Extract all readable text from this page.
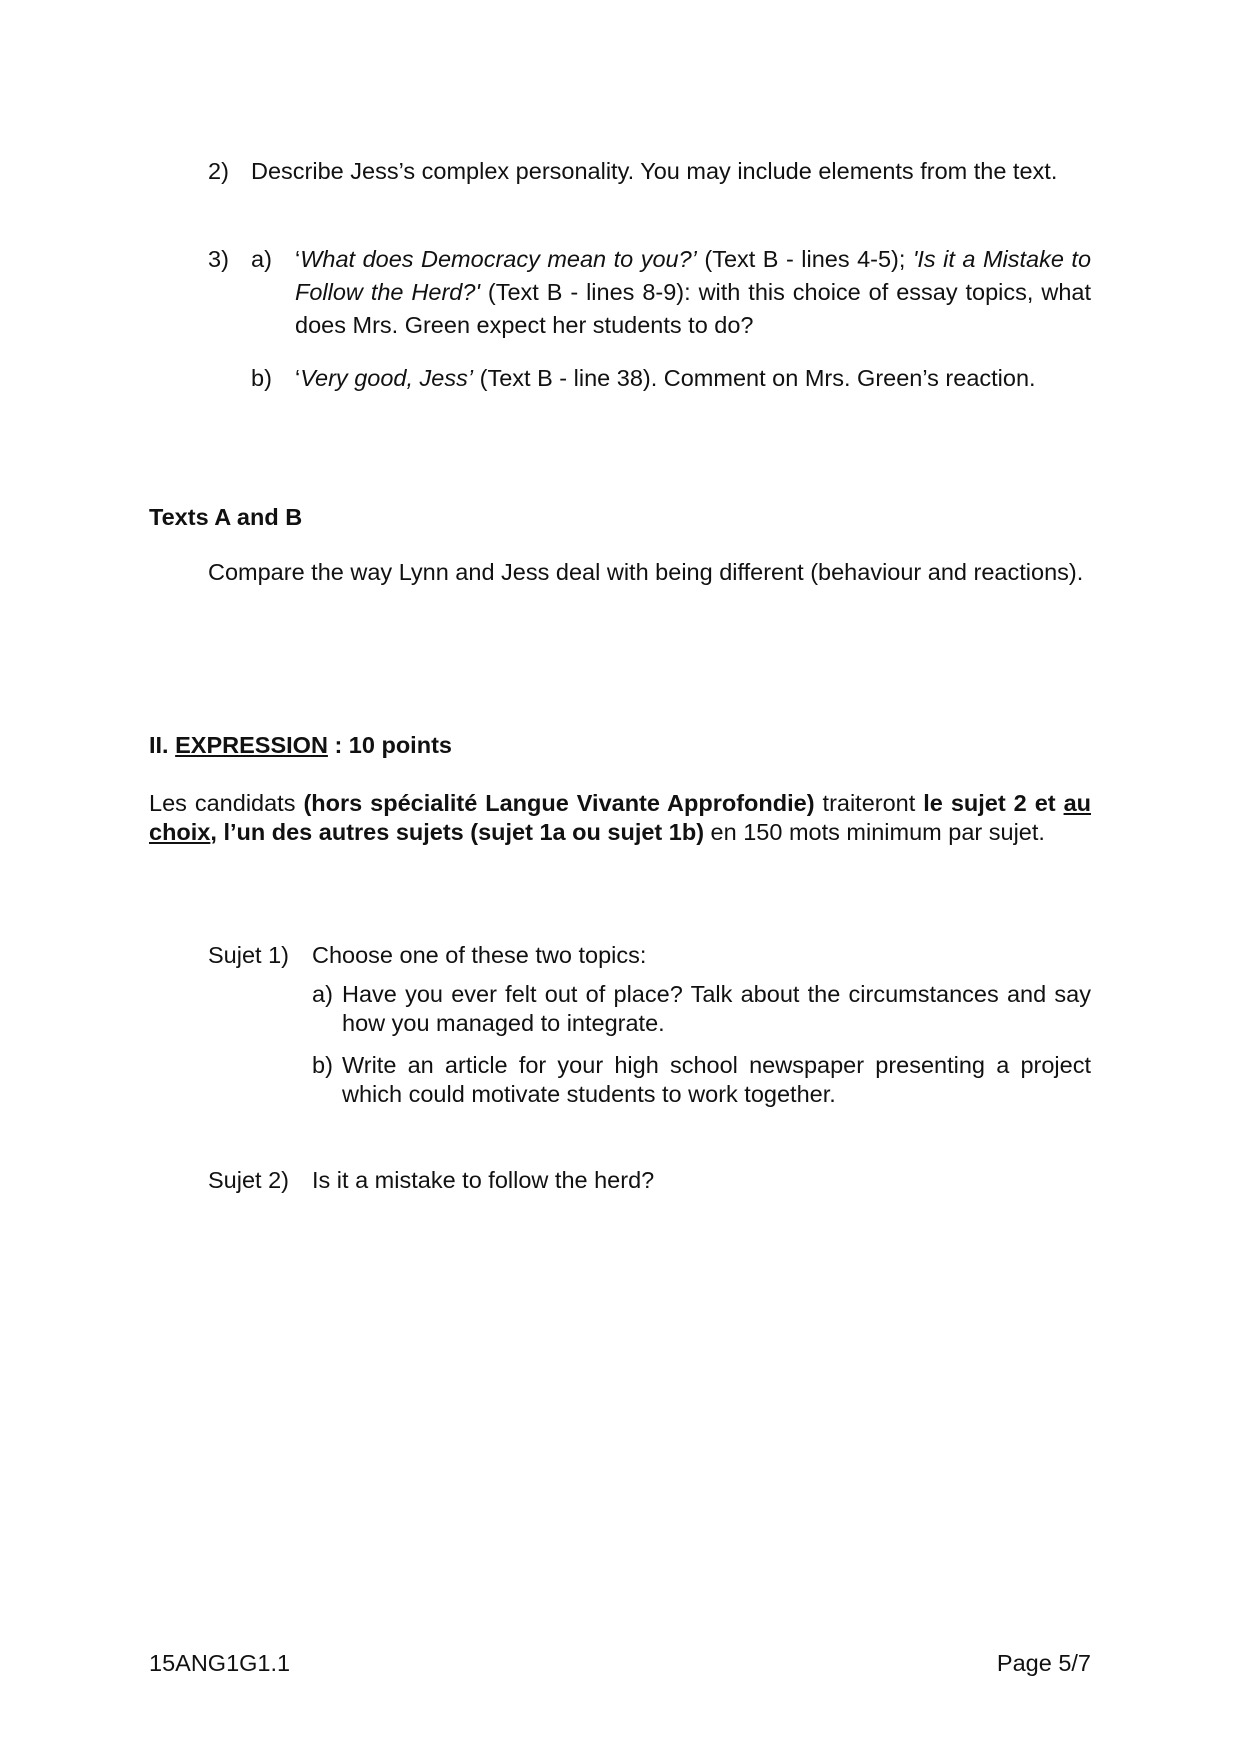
2) Describe Jess’s complex personality. You may include elements from the text.
3) a) ‘What does Democracy mean to you?’ (Text B - lines 4-5); 'Is it a Mistake to Follow the Herd?' (Text B - lines 8-9): with this choice of essay topics, what does Mrs. Green expect her students to do?
b) ‘Very good, Jess’ (Text B - line 38). Comment on Mrs. Green’s reaction.
Texts A and B
Compare the way Lynn and Jess deal with being different (behaviour and reactions).
II. EXPRESSION : 10 points
Les candidats (hors spécialité Langue Vivante Approfondie) traiteront le sujet 2 et au choix, l’un des autres sujets (sujet 1a ou sujet 1b) en 150 mots minimum par sujet.
Sujet 1) Choose one of these two topics:
a) Have you ever felt out of place? Talk about the circumstances and say how you managed to integrate.
b) Write an article for your high school newspaper presenting a project which could motivate students to work together.
Sujet 2) Is it a mistake to follow the herd?
15ANG1G1.1	Page 5/7
